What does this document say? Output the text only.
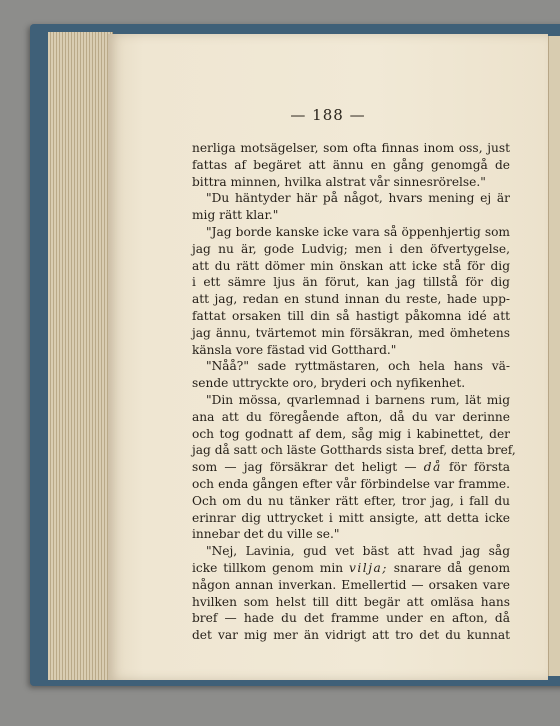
— 188 —
nerliga motsägelser, som ofta finnas inom oss, just
fattas af begäret att ännu en gång genomgå de
bittra minnen, hvilka alstrat vår sinnesrörelse."
"Du häntyder här på något, hvars mening ej är
mig rätt klar."
"Jag borde kanske icke vara så öppenhjertig som
jag nu är, gode Ludvig; men i den öfvertygelse,
att du rätt dömer min önskan att icke stå för dig
i ett sämre ljus än förut, kan jag tillstå för dig
att jag, redan en stund innan du reste, hade upp-
fattat orsaken till din så hastigt påkomna idé att
jag ännu, tvärtemot min försäkran, med ömhetens
känsla vore fästad vid Gotthard."
"Nåå?" sade ryttmästaren, och hela hans vä-
sende uttryckte oro, bryderi och nyfikenhet.
"Din mössa, qvarlemnad i barnens rum, lät mig
ana att du föregående afton, då du var derinne
och tog godnatt af dem, såg mig i kabinettet, der
jag då satt och läste Gotthards sista bref, detta bref,
som — jag försäkrar det heligt — då för första
och enda gången efter vår förbindelse var framme.
Och om du nu tänker rätt efter, tror jag, i fall du
erinrar dig uttrycket i mitt ansigte, att detta icke
innebar det du ville se."
"Nej, Lavinia, gud vet bäst att hvad jag såg
icke tillkom genom min vilja; snarare då genom
någon annan inverkan. Emellertid — orsaken vare
hvilken som helst till ditt begär att omläsa hans
bref — hade du det framme under en afton, då
det var mig mer än vidrigt att tro det du kunnat
